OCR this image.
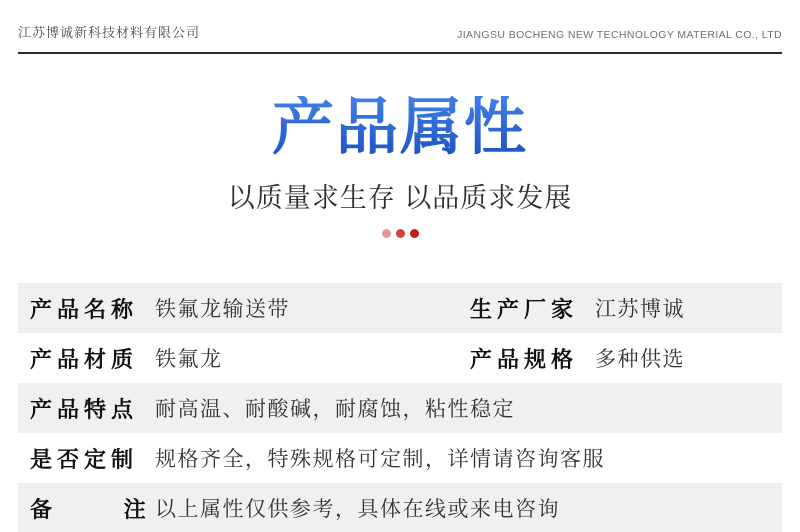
江苏博诚新科技材料有限公司	JIANGSU BOCHENG NEW TECHNOLOGY MATERIAL CO., LTD
产品属性
以质量求生存 以品质求发展
产品名称 铁氟龙输送带	生产厂家 江苏博诚
产品材质 铁氟龙	产品规格 多种供选
产品特点 耐高温、耐酸碱，耐腐蚀，粘性稳定
是否定制 规格齐全，特殊规格可定制，详情请咨询客服
备      注 以上属性仅供参考，具体在线或来电咨询
